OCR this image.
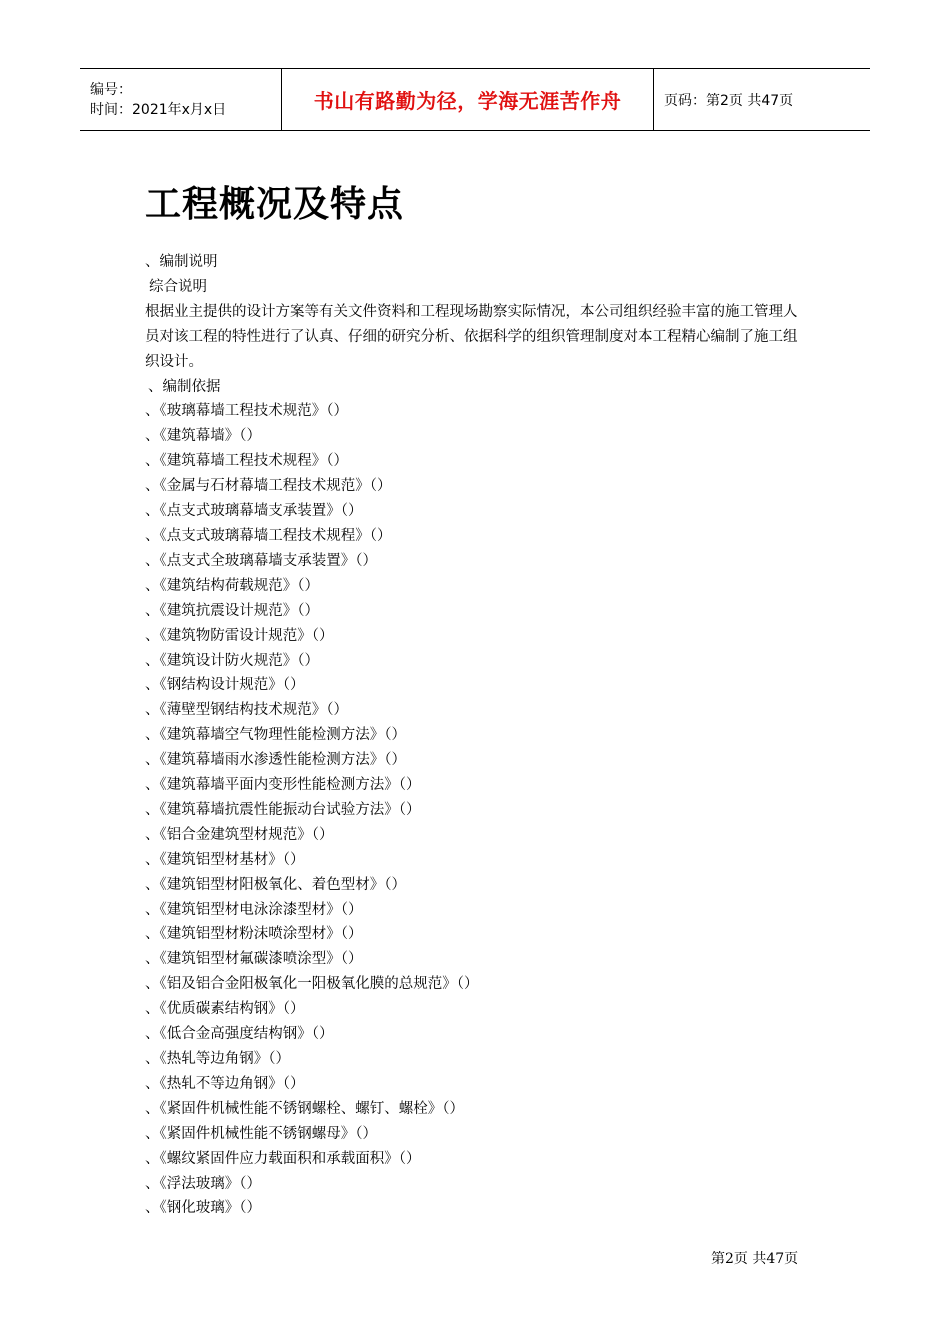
编号：
时间：2021年x月x日	书山有路勤为径，学海无涯苦作舟	页码：第2页 共47页
工程概况及特点
、编制说明
综合说明

根据业主提供的设计方案等有关文件资料和工程现场勘察实际情况，本公司组织经验丰富的施工管理人员对该工程的特性进行了认真、仔细的研究分析、依据科学的组织管理制度对本工程精心编制了施工组织设计。

、编制依据
、《玻璃幕墙工程技术规范》（）
、《建筑幕墙》（）
、《建筑幕墙工程技术规程》（）
、《金属与石材幕墙工程技术规范》（）
、《点支式玻璃幕墙支承装置》（）
、《点支式玻璃幕墙工程技术规程》（）
、《点支式全玻璃幕墙支承装置》（）
、《建筑结构荷载规范》（）
、《建筑抗震设计规范》（）
、《建筑物防雷设计规范》（）
、《建筑设计防火规范》（）
、《钢结构设计规范》（）
、《薄壁型钢结构技术规范》（）
、《建筑幕墙空气物理性能检测方法》（）
、《建筑幕墙雨水渗透性能检测方法》（）
、《建筑幕墙平面内变形性能检测方法》（）
、《建筑幕墙抗震性能振动台试验方法》（）
、《铝合金建筑型材规范》（）
、《建筑铝型材基材》（）
、《建筑铝型材阳极氧化、着色型材》（）
、《建筑铝型材电泳涂漆型材》（）
、《建筑铝型材粉沫喷涂型材》（）
、《建筑铝型材氟碳漆喷涂型》（）
、《铝及铝合金阳极氧化一阳极氧化膜的总规范》（）
、《优质碳素结构钢》（）
、《低合金高强度结构钢》（）
、《热轧等边角钢》（）
、《热轧不等边角钢》（）
、《紧固件机械性能不锈钢螺栓、螺钉、螺栓》（）
、《紧固件机械性能不锈钢螺母》（）
、《螺纹紧固件应力载面积和承载面积》（）
、《浮法玻璃》（）
、《钢化玻璃》（）
第2页 共47页
